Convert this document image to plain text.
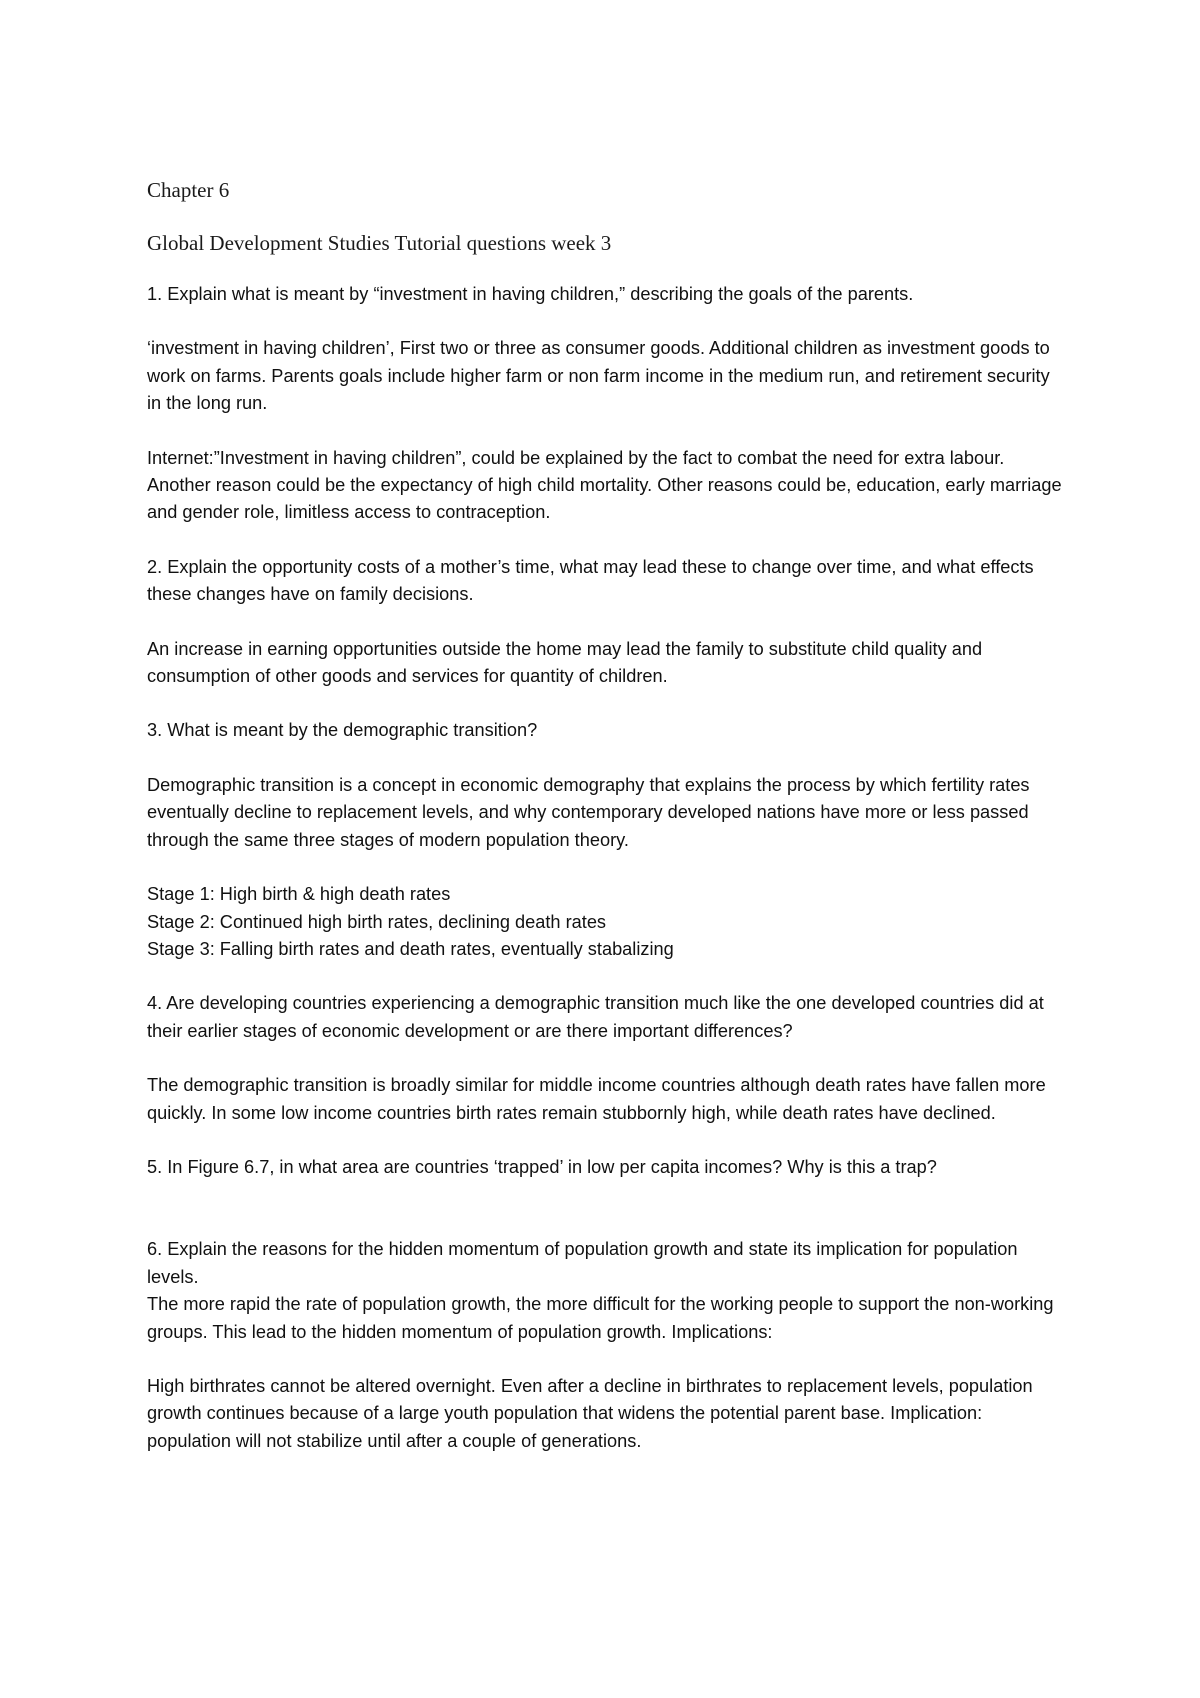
Chapter 6

Global Development Studies Tutorial questions week 3

1. Explain what is meant by “investment in having children,” describing the goals of the parents.

‘investment in having children’, First two or three as consumer goods. Additional children as investment goods to work on farms. Parents goals include higher farm or non farm income in the medium run, and retirement security in the long run.

Internet:”Investment in having children”, could be explained by the fact to combat the need for extra labour. Another reason could be the expectancy of high child mortality. Other reasons could be, education, early marriage and gender role, limitless access to contraception.

2. Explain the opportunity costs of a mother’s time, what may lead these to change over time, and what effects these changes have on family decisions.

An increase in earning opportunities outside the home may lead the family to substitute child quality and consumption of other goods and services for quantity of children.

3. What is meant by the demographic transition?

Demographic transition is a concept in economic demography that explains the process by which fertility rates eventually decline to replacement levels, and why contemporary developed nations have more or less passed through the same three stages of modern population theory.

Stage 1: High birth & high death rates
Stage 2: Continued high birth rates, declining death rates
Stage 3: Falling birth rates and death rates, eventually stabalizing

4. Are developing countries experiencing a demographic transition much like the one developed countries did at their earlier stages of economic development or are there important differences?

The demographic transition is broadly similar for middle income countries although death rates have fallen more quickly. In some low income countries birth rates remain stubbornly high, while death rates have declined.

5. In Figure 6.7, in what area are countries ‘trapped’ in low per capita incomes? Why is this a trap?

6. Explain the reasons for the hidden momentum of population growth and state its implication for population levels.

The more rapid the rate of population growth, the more difficult for the working people to support the non-working groups. This lead to the hidden momentum of population growth. Implications:

High birthrates cannot be altered overnight. Even after a decline in birthrates to replacement levels, population growth continues because of a large youth population that widens the potential parent base. Implication: population will not stabilize until after a couple of generations.
